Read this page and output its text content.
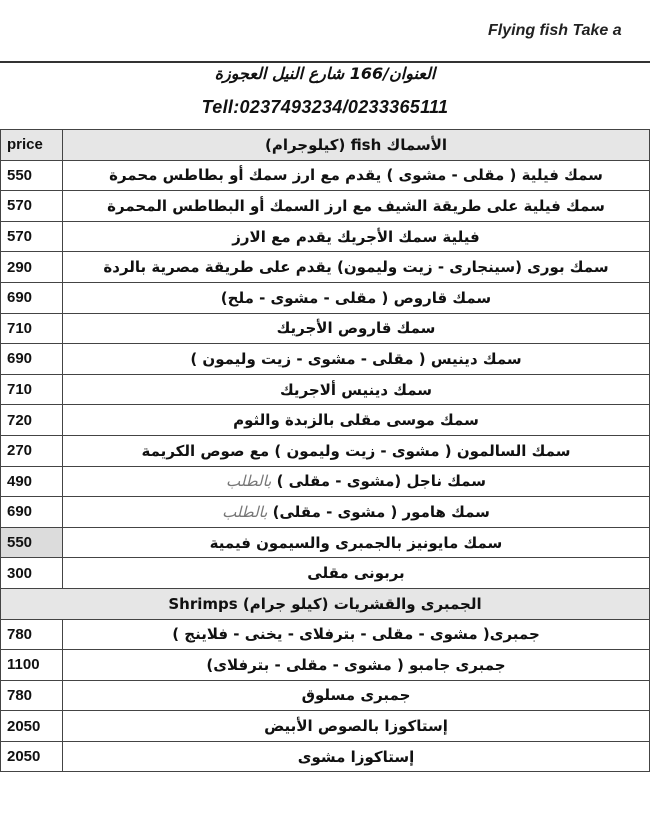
Flying fish Take a
العنوان/166 شارع النيل العجوزة
Tell:0237493234/0233365111
price	الأسماك fish (كيلوجرام)
550	سمك فيلية ( مقلى - مشوى ) يقدم مع ارز سمك أو بطاطس محمرة
570	سمك فيلية على طريقة الشيف مع ارز السمك أو البطاطس المحمرة
570	فيلية سمك الأجريك يقدم مع الارز
290	سمك بورى (سينجارى - زيت وليمون) يقدم على طريقة مصرية بالردة
690	سمك قاروص ( مقلى - مشوى - ملح)
710	سمك قاروص الأجريك
690	سمك دينيس ( مقلى - مشوى - زيت وليمون )
710	سمك دينيس ألاجريك
720	سمك موسى مقلى بالزبدة والثوم
270	سمك السالمون ( مشوى - زيت وليمون ) مع صوص الكريمة
490	سمك ناجل (مشوى - مقلى ) بالطلب
690	سمك هامور ( مشوى - مقلى) بالطلب
550	سمك مايونيز بالجمبرى والسيمون فيمية
300	بربونى مقلى
الجمبرى والقشريات (كيلو جرام) Shrimps	
780	جمبرى( مشوى - مقلى - بترفلاى - يخنى - فلاينج )
1100	جمبرى جامبو ( مشوى - مقلى - بترفلاى)
780	جمبرى مسلوق
2050	إستاكوزا بالصوص الأبيض
2050	إستاكوزا مشوى
